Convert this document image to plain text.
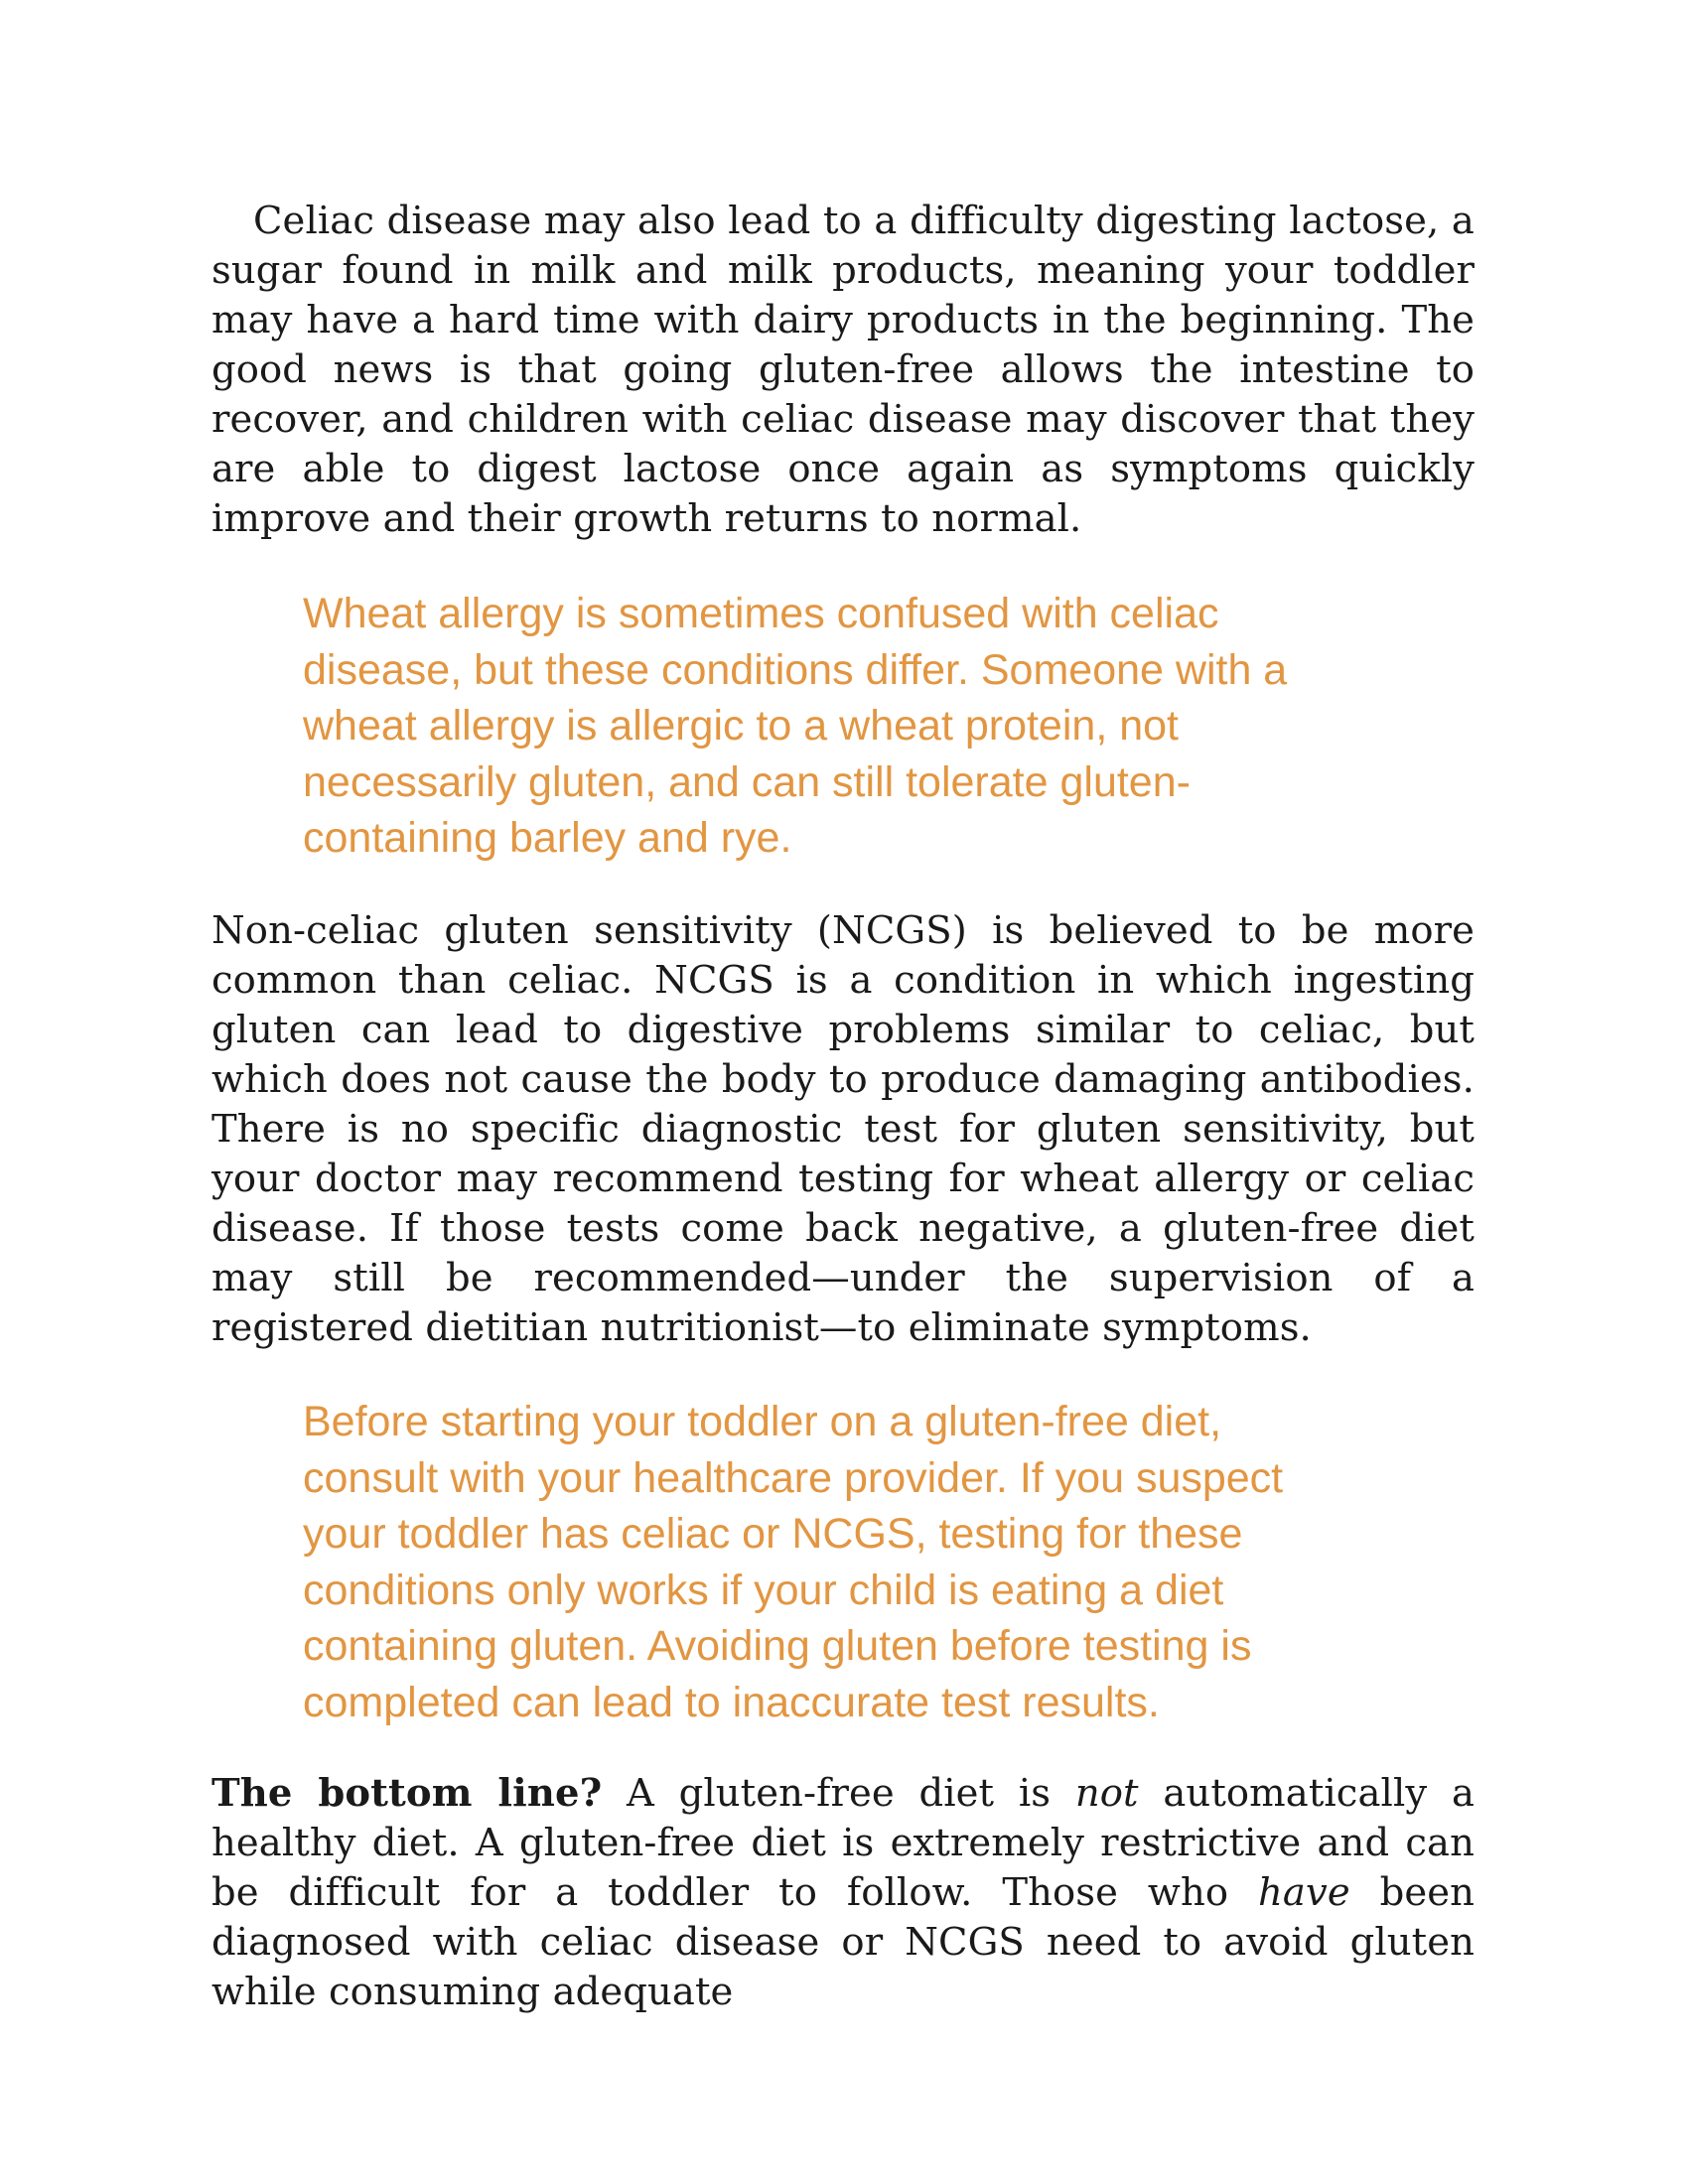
Celiac disease may also lead to a difficulty digesting lactose, a sugar found in milk and milk products, meaning your toddler may have a hard time with dairy products in the beginning. The good news is that going gluten-free allows the intestine to recover, and children with celiac disease may discover that they are able to digest lactose once again as symptoms quickly improve and their growth returns to normal.

Wheat allergy is sometimes confused with celiac disease, but these conditions differ. Someone with a wheat allergy is allergic to a wheat protein, not necessarily gluten, and can still tolerate gluten-containing barley and rye.

Non-celiac gluten sensitivity (NCGS) is believed to be more common than celiac. NCGS is a condition in which ingesting gluten can lead to digestive problems similar to celiac, but which does not cause the body to produce damaging antibodies. There is no specific diagnostic test for gluten sensitivity, but your doctor may recommend testing for wheat allergy or celiac disease. If those tests come back negative, a gluten-free diet may still be recommended—under the supervision of a registered dietitian nutritionist—to eliminate symptoms.

Before starting your toddler on a gluten-free diet, consult with your healthcare provider. If you suspect your toddler has celiac or NCGS, testing for these conditions only works if your child is eating a diet containing gluten. Avoiding gluten before testing is completed can lead to inaccurate test results.

The bottom line? A gluten-free diet is not automatically a healthy diet. A gluten-free diet is extremely restrictive and can be difficult for a toddler to follow. Those who have been diagnosed with celiac disease or NCGS need to avoid gluten while consuming adequate
